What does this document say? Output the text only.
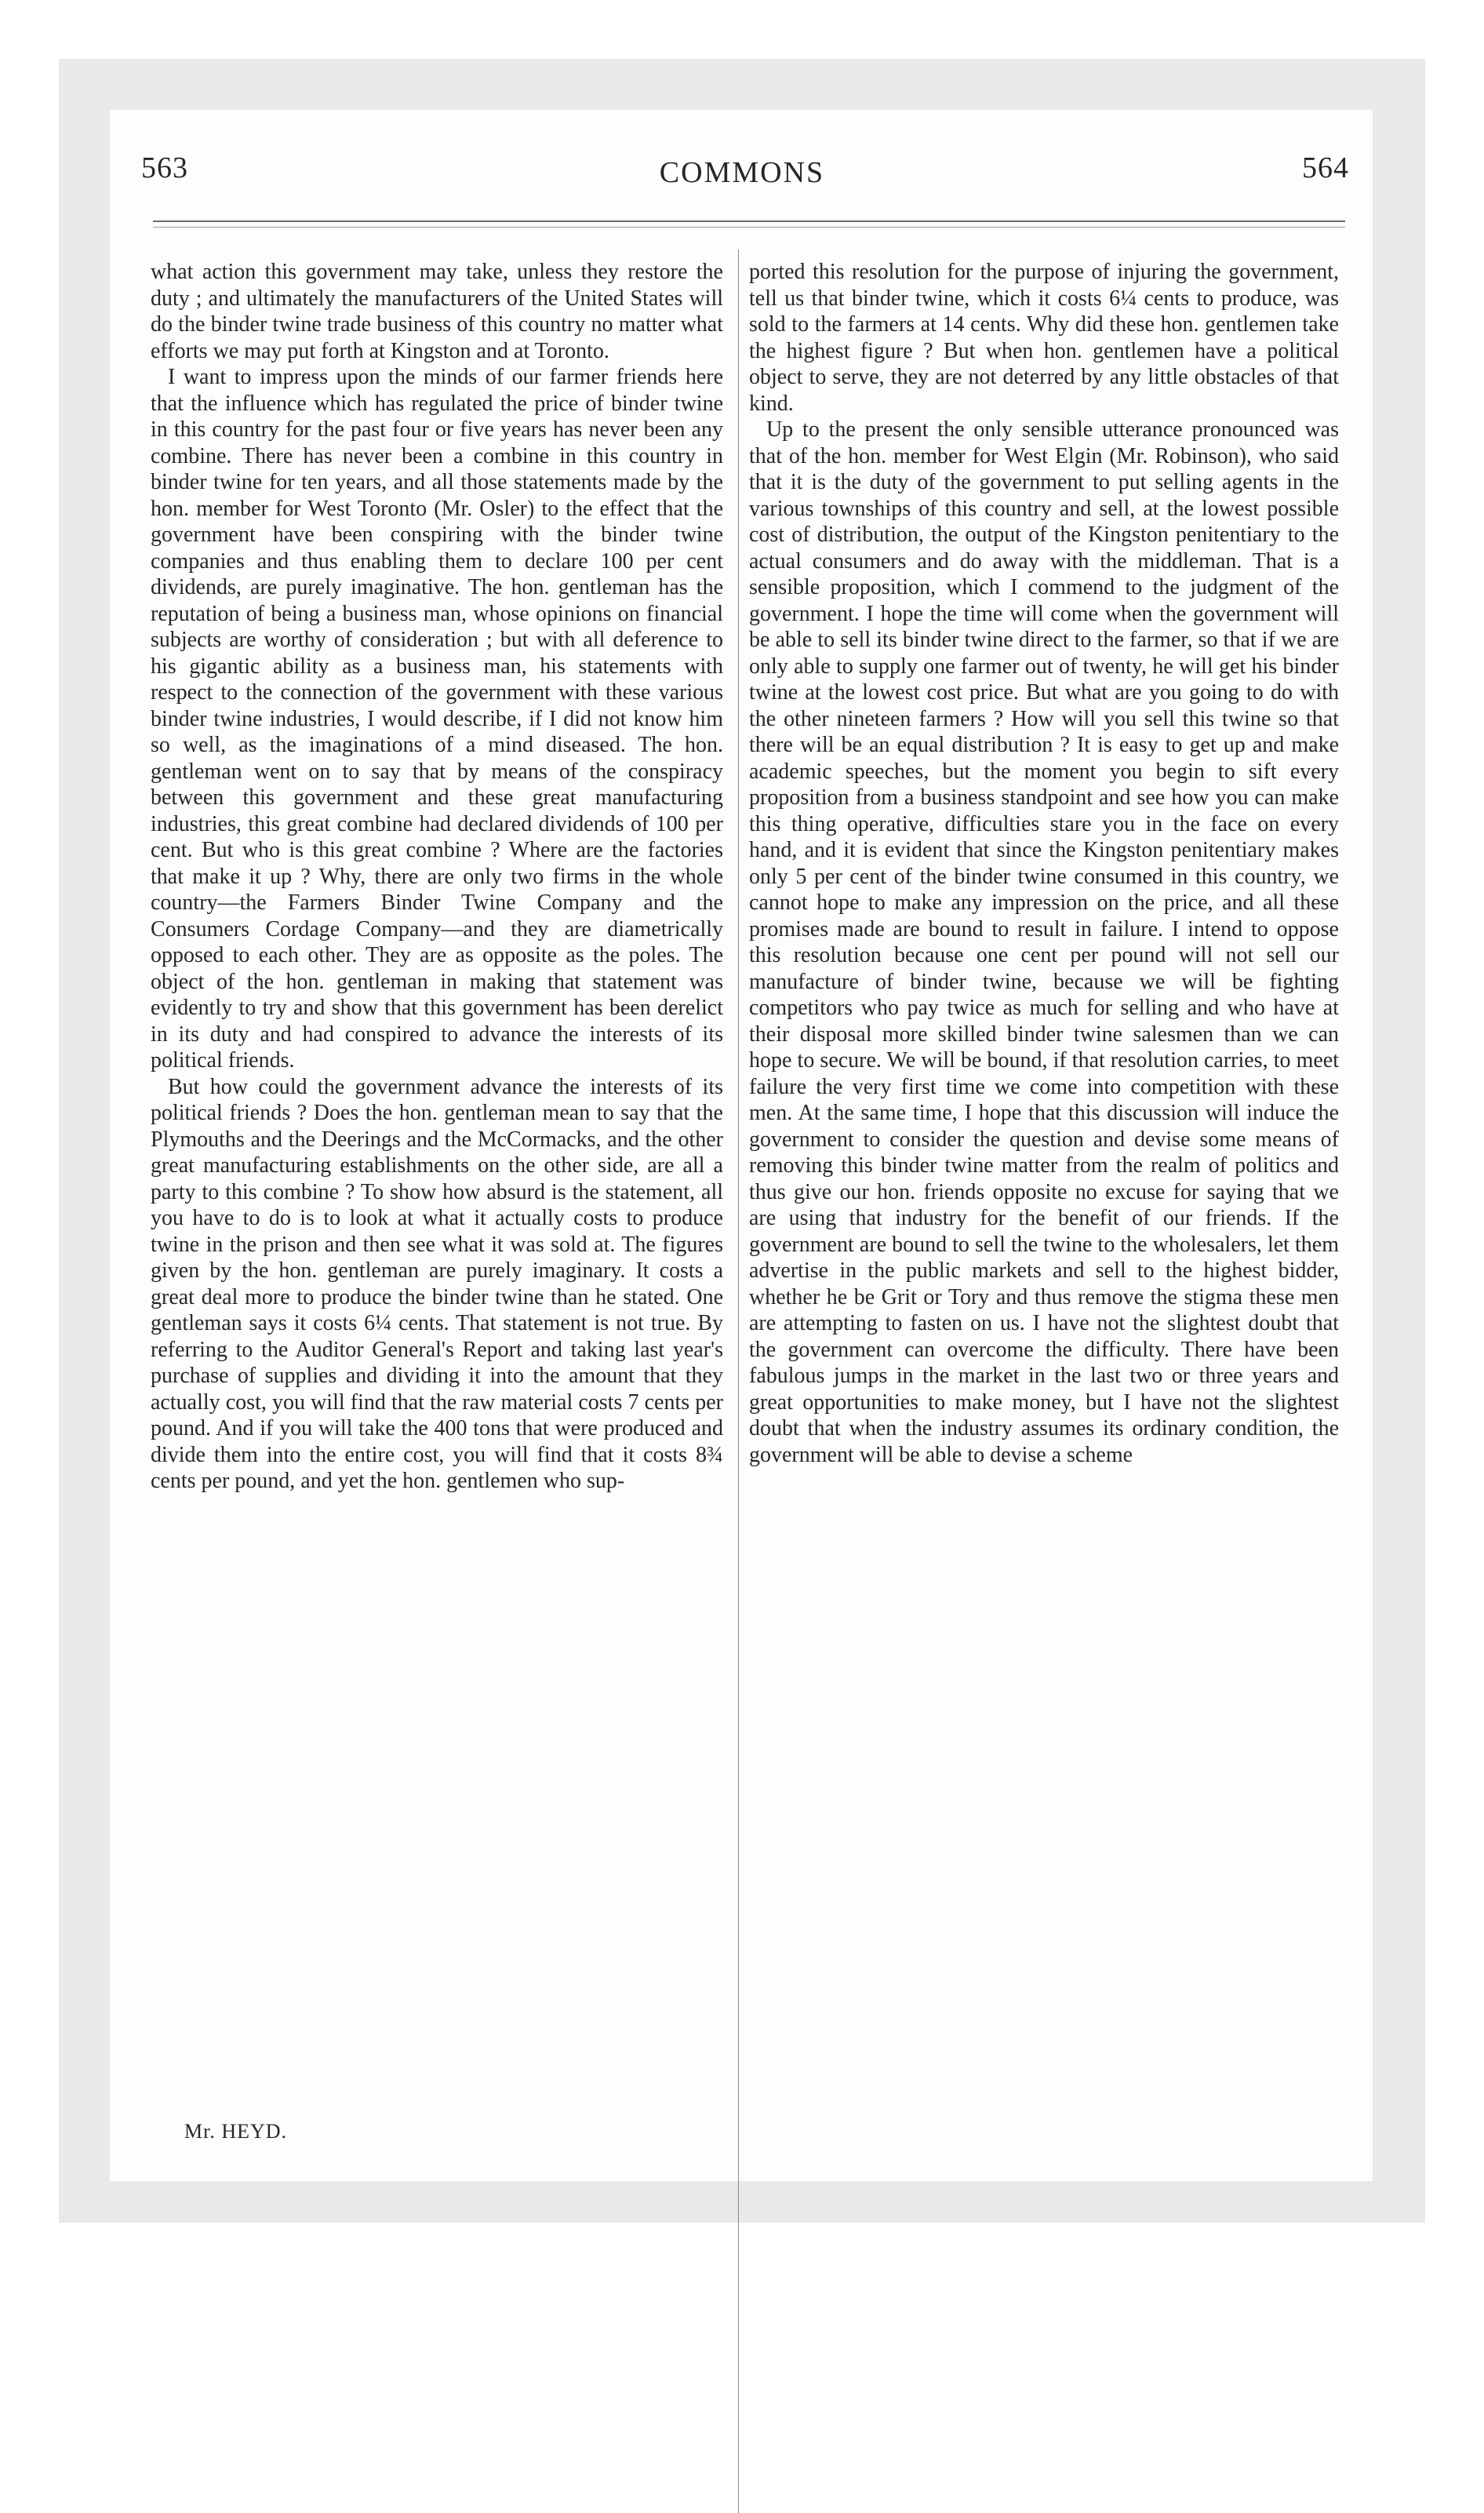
563	COMMONS	564

what action this government may take, unless they restore the duty ; and ultimately the manufacturers of the United States will do the binder twine trade business of this country no matter what efforts we may put forth at Kingston and at Toronto.

I want to impress upon the minds of our farmer friends here that the influence which has regulated the price of binder twine in this country for the past four or five years has never been any combine. There has never been a combine in this country in binder twine for ten years, and all those statements made by the hon. member for West Toronto (Mr. Osler) to the effect that the government have been conspiring with the binder twine companies and thus enabling them to declare 100 per cent dividends, are purely imaginative. The hon. gentleman has the reputation of being a business man, whose opinions on financial subjects are worthy of consideration ; but with all deference to his gigantic ability as a business man, his statements with respect to the connection of the government with these various binder twine industries, I would describe, if I did not know him so well, as the imaginations of a mind diseased. The hon. gentleman went on to say that by means of the conspiracy between this government and these great manufacturing industries, this great combine had declared dividends of 100 per cent. But who is this great combine ? Where are the factories that make it up ? Why, there are only two firms in the whole country—the Farmers Binder Twine Company and the Consumers Cordage Company—and they are diametrically opposed to each other. They are as opposite as the poles. The object of the hon. gentleman in making that statement was evidently to try and show that this government has been derelict in its duty and had conspired to advance the interests of its political friends.

But how could the government advance the interests of its political friends ? Does the hon. gentleman mean to say that the Plymouths and the Deerings and the McCormacks, and the other great manufacturing establishments on the other side, are all a party to this combine ? To show how absurd is the statement, all you have to do is to look at what it actually costs to produce twine in the prison and then see what it was sold at. The figures given by the hon. gentleman are purely imaginary. It costs a great deal more to produce the binder twine than he stated. One gentleman says it costs 6¼ cents. That statement is not true. By referring to the Auditor General's Report and taking last year's purchase of supplies and dividing it into the amount that they actually cost, you will find that the raw material costs 7 cents per pound. And if you will take the 400 tons that were produced and divide them into the entire cost, you will find that it costs 8¾ cents per pound, and yet the hon. gentlemen who sup-

ported this resolution for the purpose of injuring the government, tell us that binder twine, which it costs 6¼ cents to produce, was sold to the farmers at 14 cents. Why did these hon. gentlemen take the highest figure ? But when hon. gentlemen have a political object to serve, they are not deterred by any little obstacles of that kind.

Up to the present the only sensible utterance pronounced was that of the hon. member for West Elgin (Mr. Robinson), who said that it is the duty of the government to put selling agents in the various townships of this country and sell, at the lowest possible cost of distribution, the output of the Kingston penitentiary to the actual consumers and do away with the middleman. That is a sensible proposition, which I commend to the judgment of the government. I hope the time will come when the government will be able to sell its binder twine direct to the farmer, so that if we are only able to supply one farmer out of twenty, he will get his binder twine at the lowest cost price. But what are you going to do with the other nineteen farmers ? How will you sell this twine so that there will be an equal distribution ? It is easy to get up and make academic speeches, but the moment you begin to sift every proposition from a business standpoint and see how you can make this thing operative, difficulties stare you in the face on every hand, and it is evident that since the Kingston penitentiary makes only 5 per cent of the binder twine consumed in this country, we cannot hope to make any impression on the price, and all these promises made are bound to result in failure. I intend to oppose this resolution because one cent per pound will not sell our manufacture of binder twine, because we will be fighting competitors who pay twice as much for selling and who have at their disposal more skilled binder twine salesmen than we can hope to secure. We will be bound, if that resolution carries, to meet failure the very first time we come into competition with these men. At the same time, I hope that this discussion will induce the government to consider the question and devise some means of removing this binder twine matter from the realm of politics and thus give our hon. friends opposite no excuse for saying that we are using that industry for the benefit of our friends. If the government are bound to sell the twine to the wholesalers, let them advertise in the public markets and sell to the highest bidder, whether he be Grit or Tory and thus remove the stigma these men are attempting to fasten on us. I have not the slightest doubt that the government can overcome the difficulty. There have been fabulous jumps in the market in the last two or three years and great opportunities to make money, but I have not the slightest doubt that when the industry assumes its ordinary condition, the government will be able to devise a scheme

Mr. HEYD.
